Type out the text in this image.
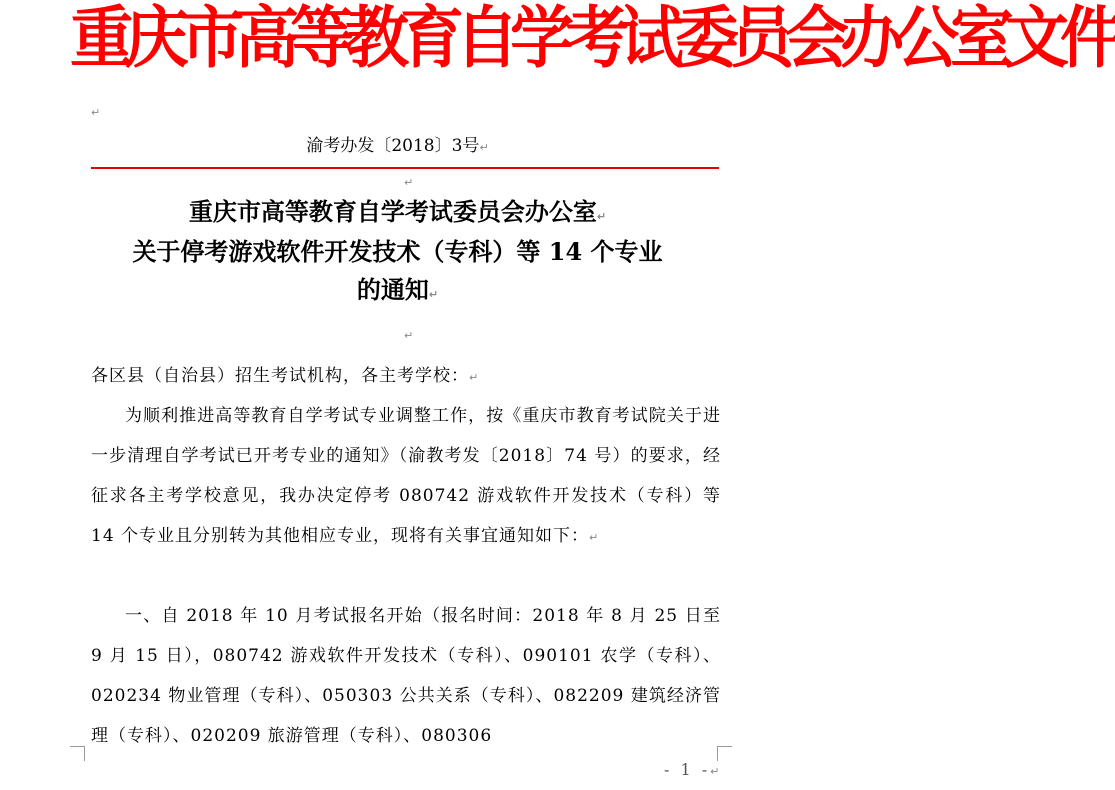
重庆市高等教育自学考试委员会办公室文件
↵
渝考办发〔2018〕3号↵
↵
重庆市高等教育自学考试委员会办公室↵
关于停考游戏软件开发技术（专科）等 14 个专业
的通知↵
↵
各区县（自治县）招生考试机构，各主考学校：↵
为顺利推进高等教育自学考试专业调整工作，按《重庆市教育考试院关于进一步清理自学考试已开考专业的通知》（渝教考发〔2018〕74 号）的要求，经征求各主考学校意见，我办决定停考 080742 游戏软件开发技术（专科）等 14 个专业且分别转为其他相应专业，现将有关事宜通知如下：↵
一、自 2018 年 10 月考试报名开始（报名时间：2018 年 8 月 25 日至 9 月 15 日），080742 游戏软件开发技术（专科）、090101 农学（专科）、020234 物业管理（专科）、050303 公共关系（专科）、082209 建筑经济管理（专科）、020209 旅游管理（专科）、080306
- 1 -↵
